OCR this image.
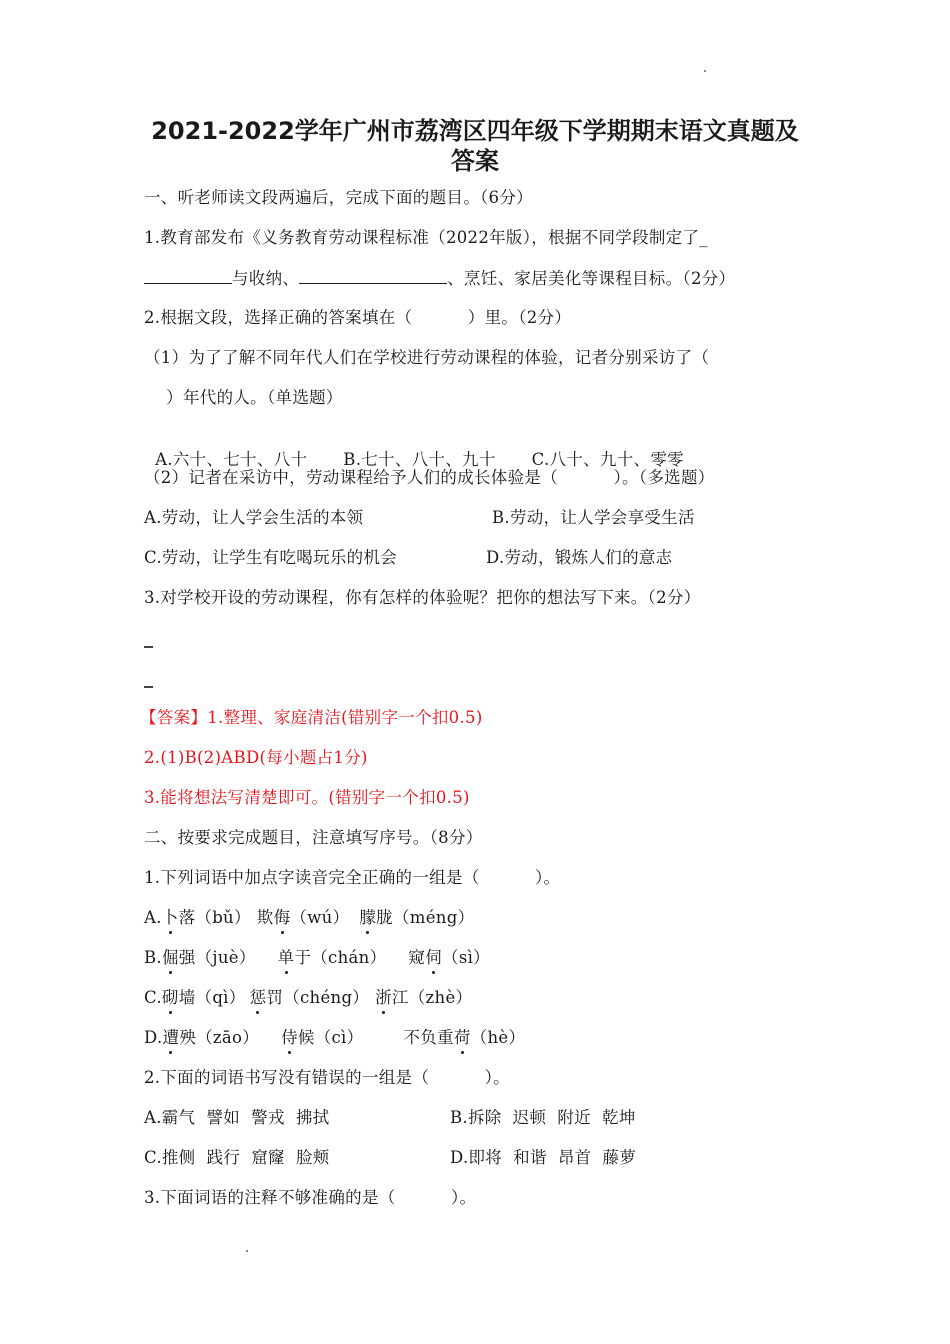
2021-2022学年广州市荔湾区四年级下学期期末语文真题及
答案
一、听老师读文段两遍后，完成下面的题目。（6分）
1.教育部发布《义务教育劳动课程标准（2022年版），根据不同学段制定了_
与收纳、	、烹饪、家居美化等课程目标。（2分）
2.根据文段，选择正确的答案填在（          ）里。（2分）
（1）为了了解不同年代人们在学校进行劳动课程的体验，记者分别采访了（
）年代的人。（单选题）

A.六十、七十、八十 B.七十、八十、九十 C.八十、九十、零零

（2）记者在采访中，劳动课程给予人们的成长体验是（          ）。（多选题）
A.劳动，让人学会生活的本领	B.劳动，让人学会享受生活
C.劳动，让学生有吃喝玩乐的机会	D.劳动，锻炼人们的意志
3.对学校开设的劳动课程，你有怎样的体验呢？把你的想法写下来。（2分）
【答案】1.整理、家庭清洁(错别字一个扣0.5)
2.(1)B(2)ABD(每小题占1分)
3.能将想法写清楚即可。(错别字一个扣0.5)
二、按要求完成题目，注意填写序号。（8分）
1.下列词语中加点字读音完全正确的一组是（          ）。
A.卜落（bǔ） 欺侮（wú） 朦胧（méng）
B.倔强（juè） 单于（chán） 窥伺（sì）
C.砌墙（qì） 惩罚（chéng） 浙江（zhè）
D.遭殃（zāo） 侍候（cì） 不负重荷（hè）
2.下面的词语书写没有错误的一组是（          ）。
A.霸气  譬如  警戎  拂拭	B.拆除  迟顿  附近  乾坤
C.推侧  践行  窟窿  脸颊	D.即将  和谐  昂首  藤萝
3.下面词语的注释不够准确的是（          ）。
